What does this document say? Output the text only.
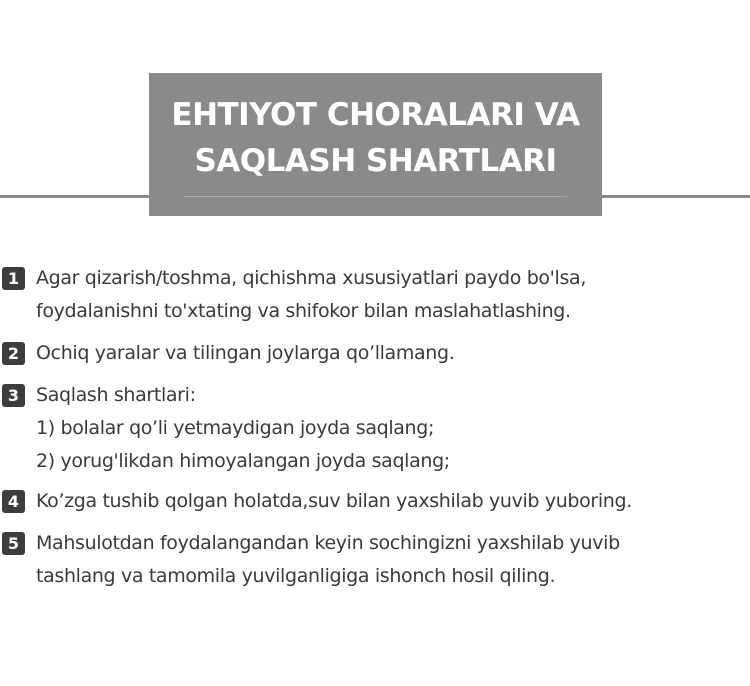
EHTIYOT CHORALARI VA
SAQLASH SHARTLARI
1 Agar qizarish/toshma, qichishma xususiyatlari paydo bo'lsa,
foydalanishni to'xtating va shifokor bilan maslahatlashing.
2 Ochiq yaralar va tilingan joylarga qo’llamang.
3 Saqlash shartlari:
1) bolalar qo’li yetmaydigan joyda saqlang;
2) yorug'likdan himoyalangan joyda saqlang;
4 Ko’zga tushib qolgan holatda,suv bilan yaxshilab yuvib yuboring.
5 Mahsulotdan foydalangandan keyin sochingizni yaxshilab yuvib
tashlang va tamomila yuvilganligiga ishonch hosil qiling.
